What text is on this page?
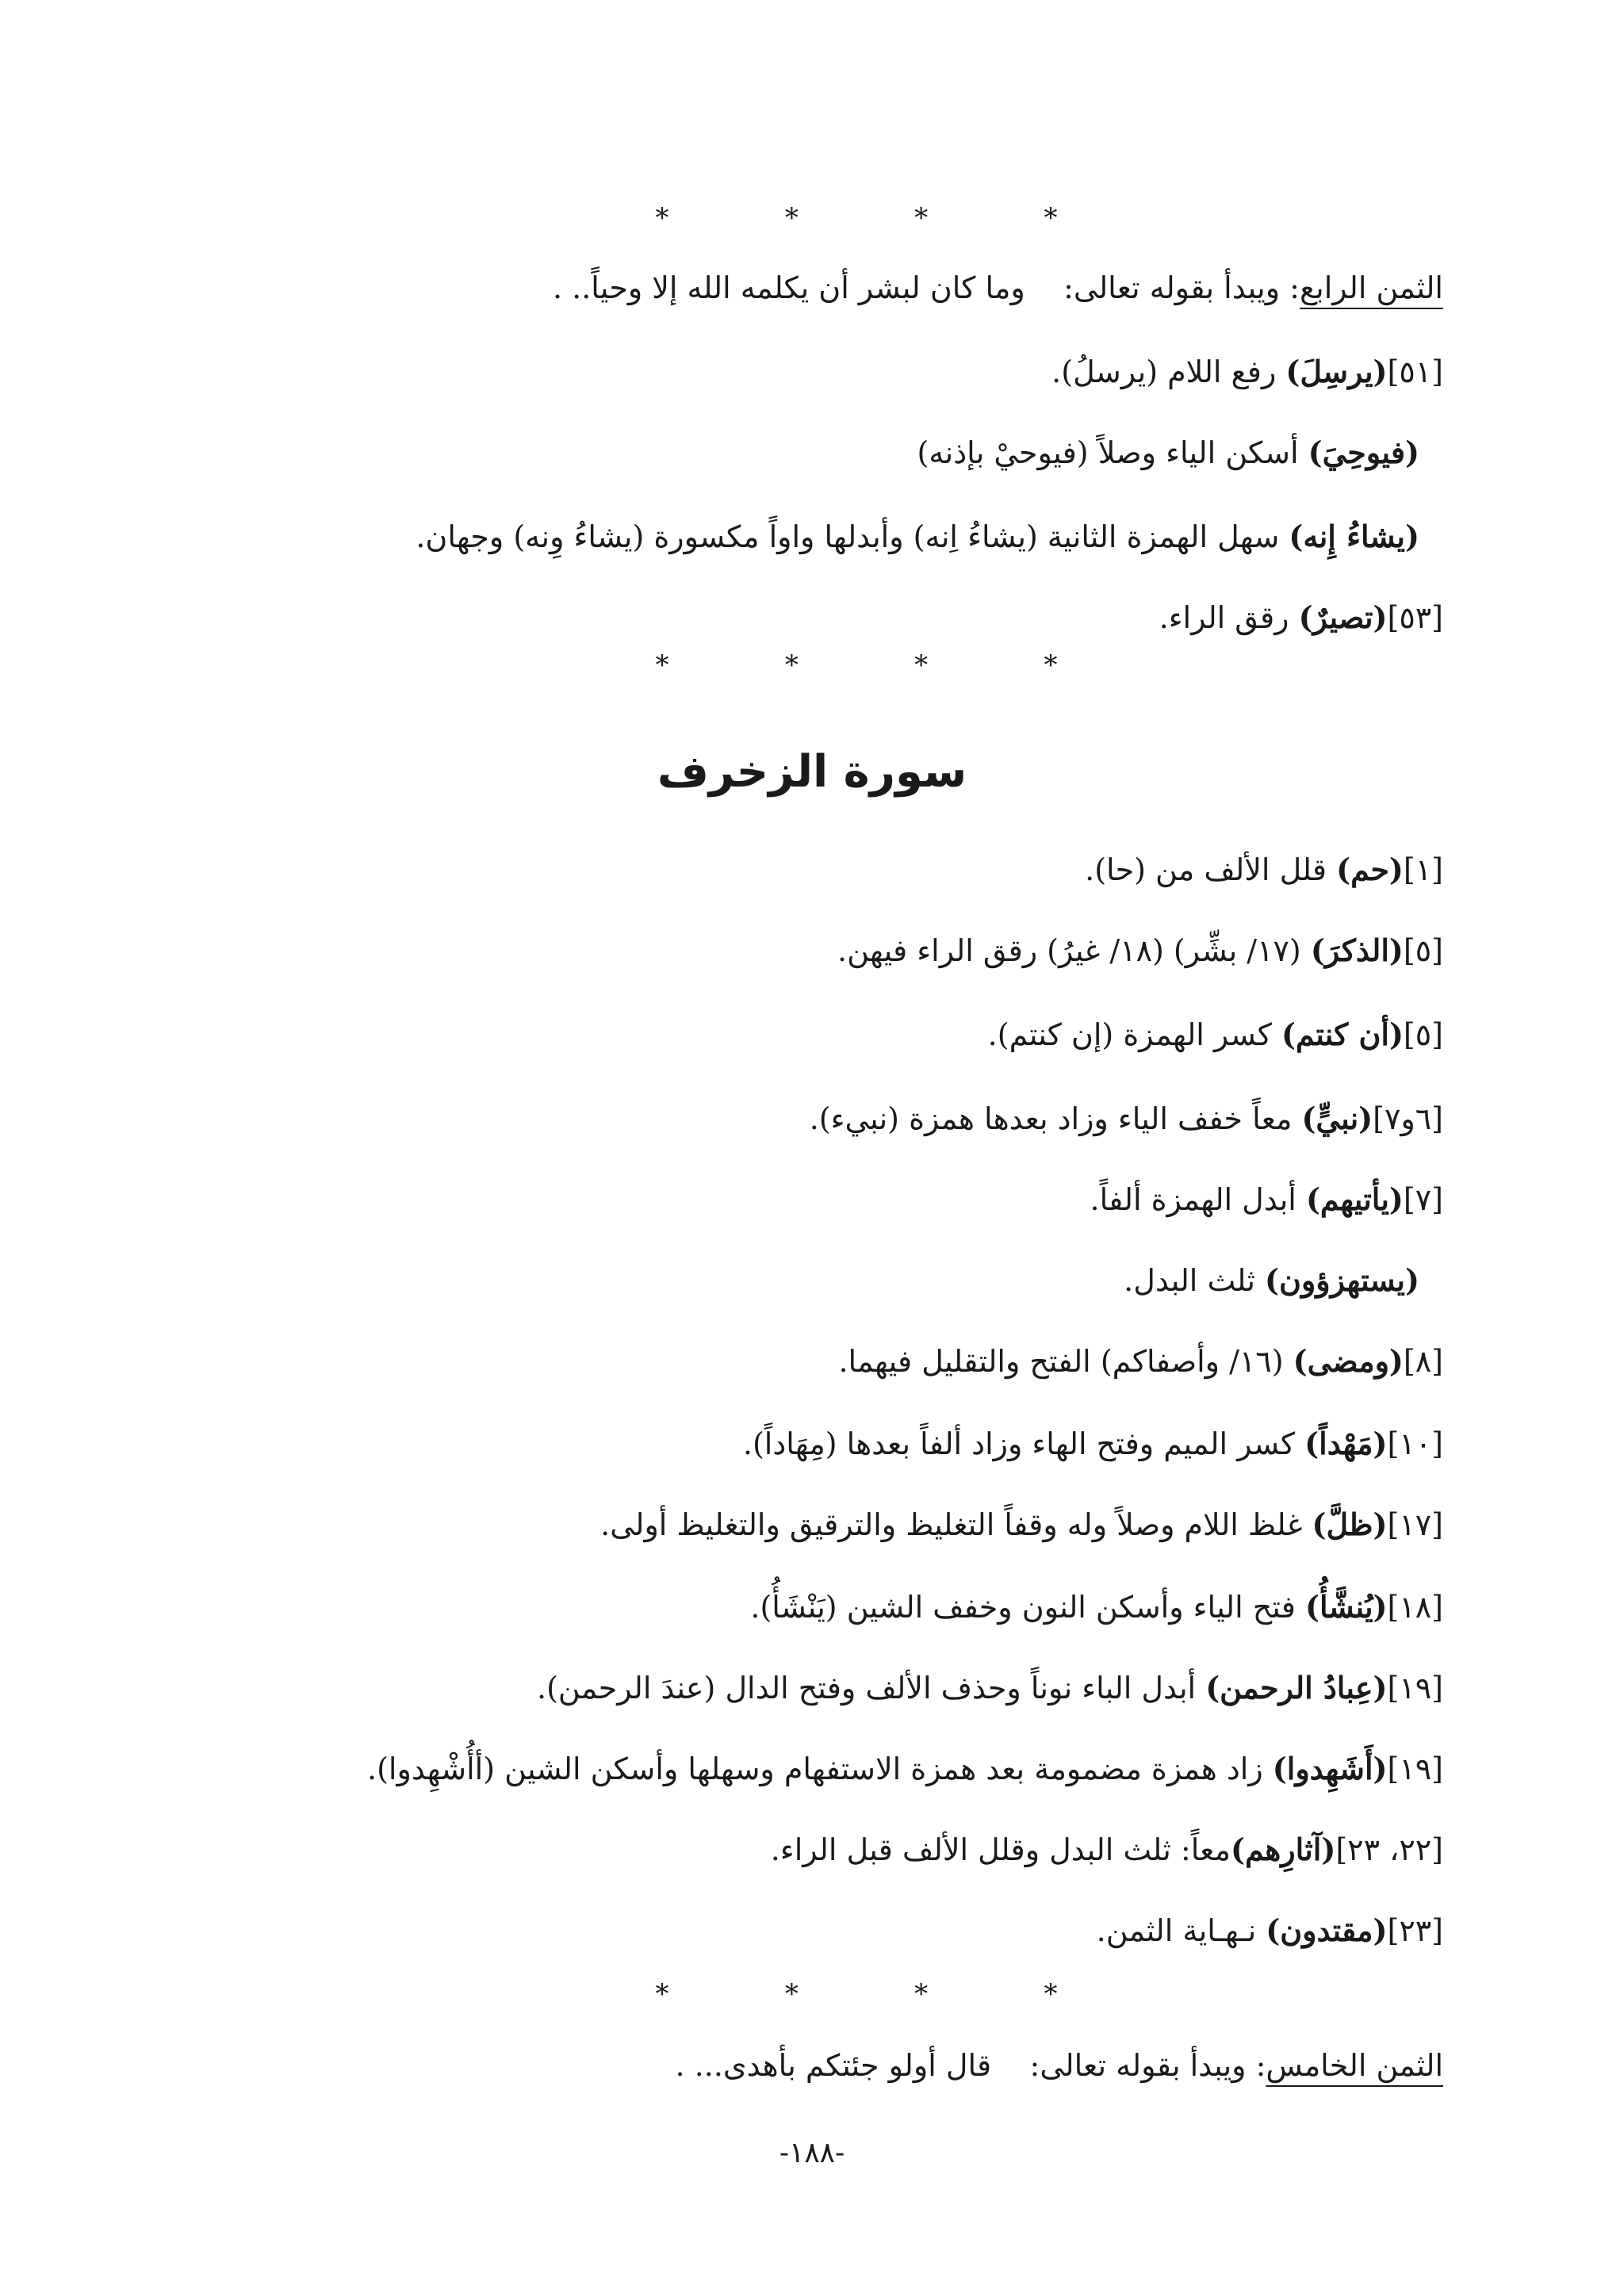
*	*	*	*
الثمن الرابع: ويبدأ بقوله تعالى:    وما كان لبشر أن يكلمه الله إلا وحياً.. .
[٥١](يرسِلَ) رفع اللام (يرسلُ).
(فيوحِيَ) أسكن الياء وصلاً (فيوحيْ بإذنه)
(يشاءُ إِنه) سهل الهمزة الثانية (يشاءُ اِنه) وأبدلها واواً مكسورة (يشاءُ وِنه) وجهان.
[٥٣](تصيرٌ) رقق الراء.
*	*	*	*
سورة الزخرف
[١](حم) قلل الألف من (حا).
[٥](الذكرَ) (١٧/ بشِّر) (١٨/ غيرُ) رقق الراء فيهن.
[٥](أن كنتم) كسر الهمزة (إن كنتم).
[٦و٧](نبيٍّ) معاً خفف الياء وزاد بعدها همزة (نبيء).
[٧](يأتيهم) أبدل الهمزة ألفاً.
(يستهزؤون) ثلث البدل.
[٨](ومضى) (١٦/ وأصفاكم) الفتح والتقليل فيهما.
[١٠](مَهْداً) كسر الميم وفتح الهاء وزاد ألفاً بعدها (مِهَاداً).
[١٧](ظلَّ) غلظ اللام وصلاً وله وقفاً التغليظ والترقيق والتغليظ أولى.
[١٨](يُنشَّأُ) فتح الياء وأسكن النون وخفف الشين (يَنْشَأُ).
[١٩](عِبادُ الرحمن) أبدل الباء نوناً وحذف الألف وفتح الدال (عندَ الرحمن).
[١٩](أَشَهِدوا) زاد همزة مضمومة بعد همزة الاستفهام وسهلها وأسكن الشين (أأُشْهِدوا).
[٢٢، ٢٣](آثارِهم)معاً: ثلث البدل وقلل الألف قبل الراء.
[٢٣](مقتدون) نـهـاية الثمن.
*	*	*	*
الثمن الخامس: ويبدأ بقوله تعالى:    قال أولو جئتكم بأهدى... .
-١٨٨-
